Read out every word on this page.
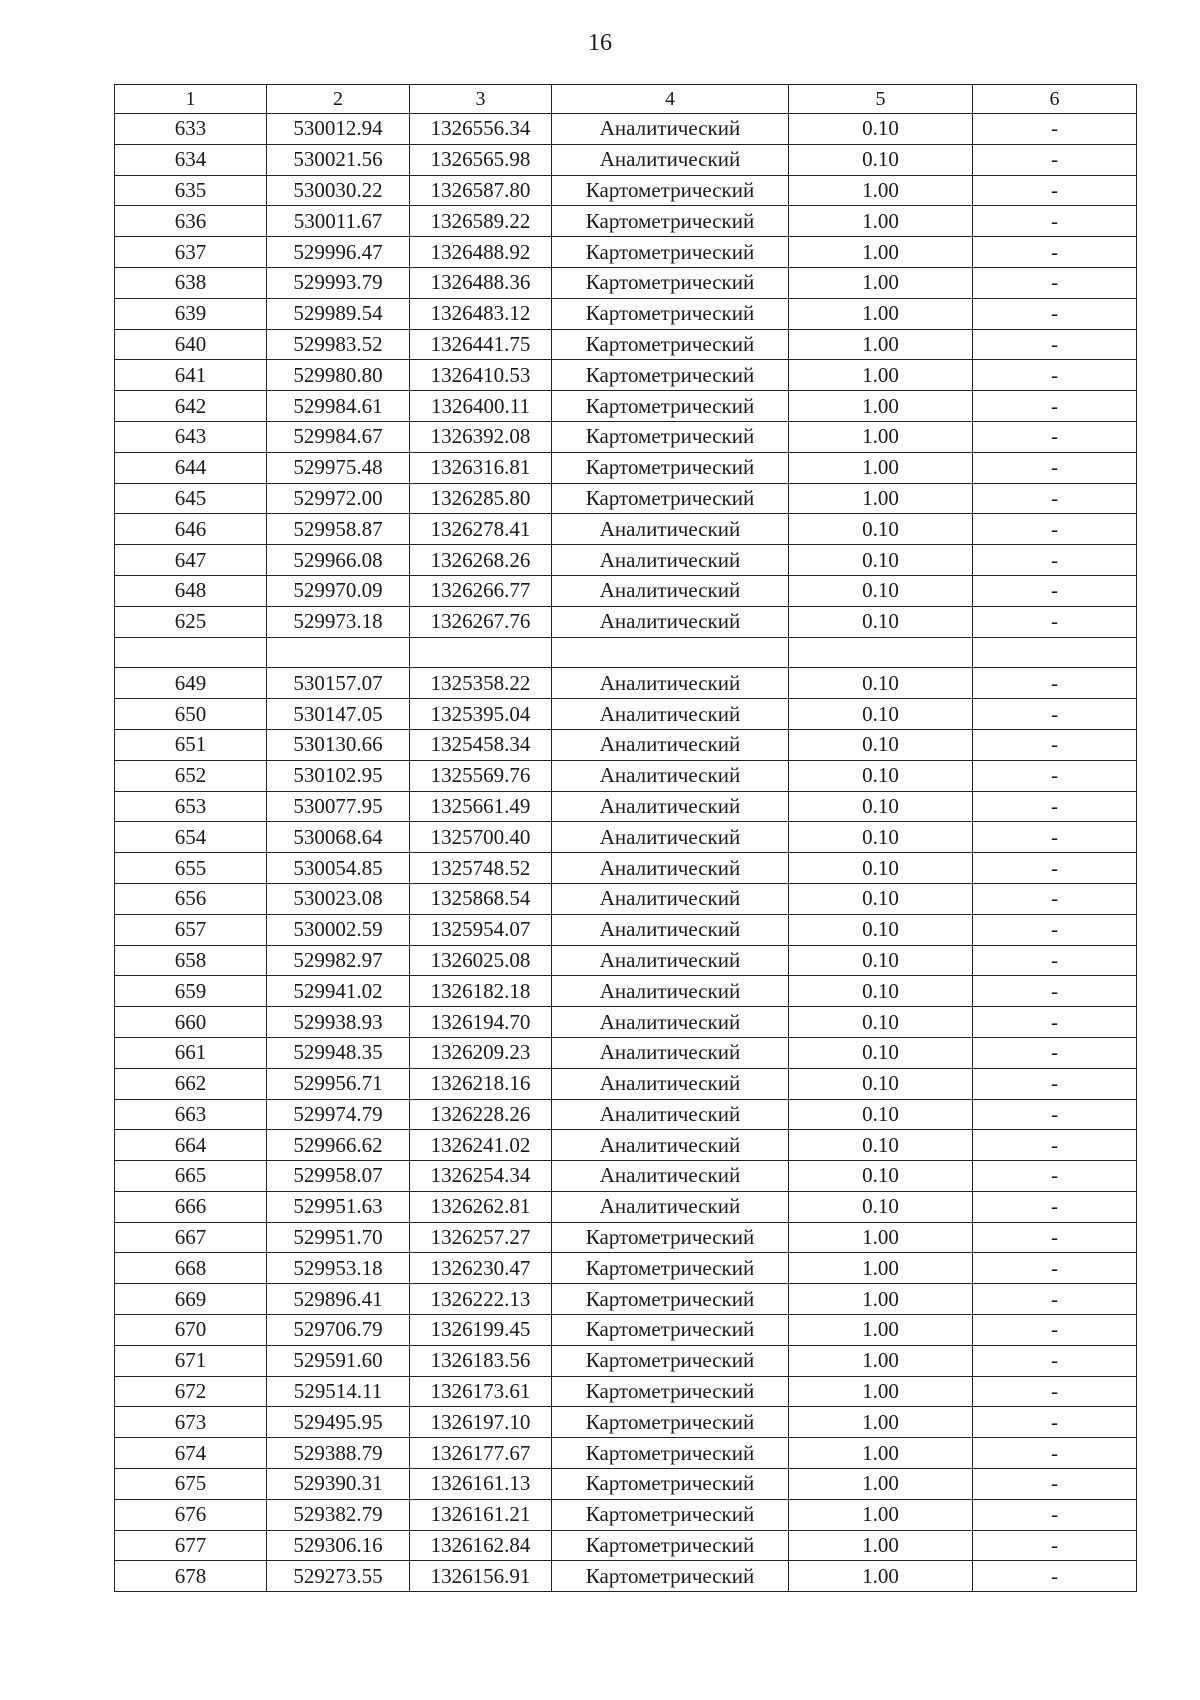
16
1	2	3	4	5	6
633	530012.94	1326556.34	Аналитический	0.10	-
634	530021.56	1326565.98	Аналитический	0.10	-
635	530030.22	1326587.80	Картометрический	1.00	-
636	530011.67	1326589.22	Картометрический	1.00	-
637	529996.47	1326488.92	Картометрический	1.00	-
638	529993.79	1326488.36	Картометрический	1.00	-
639	529989.54	1326483.12	Картометрический	1.00	-
640	529983.52	1326441.75	Картометрический	1.00	-
641	529980.80	1326410.53	Картометрический	1.00	-
642	529984.61	1326400.11	Картометрический	1.00	-
643	529984.67	1326392.08	Картометрический	1.00	-
644	529975.48	1326316.81	Картометрический	1.00	-
645	529972.00	1326285.80	Картометрический	1.00	-
646	529958.87	1326278.41	Аналитический	0.10	-
647	529966.08	1326268.26	Аналитический	0.10	-
648	529970.09	1326266.77	Аналитический	0.10	-
625	529973.18	1326267.76	Аналитический	0.10	-

649	530157.07	1325358.22	Аналитический	0.10	-
650	530147.05	1325395.04	Аналитический	0.10	-
651	530130.66	1325458.34	Аналитический	0.10	-
652	530102.95	1325569.76	Аналитический	0.10	-
653	530077.95	1325661.49	Аналитический	0.10	-
654	530068.64	1325700.40	Аналитический	0.10	-
655	530054.85	1325748.52	Аналитический	0.10	-
656	530023.08	1325868.54	Аналитический	0.10	-
657	530002.59	1325954.07	Аналитический	0.10	-
658	529982.97	1326025.08	Аналитический	0.10	-
659	529941.02	1326182.18	Аналитический	0.10	-
660	529938.93	1326194.70	Аналитический	0.10	-
661	529948.35	1326209.23	Аналитический	0.10	-
662	529956.71	1326218.16	Аналитический	0.10	-
663	529974.79	1326228.26	Аналитический	0.10	-
664	529966.62	1326241.02	Аналитический	0.10	-
665	529958.07	1326254.34	Аналитический	0.10	-
666	529951.63	1326262.81	Аналитический	0.10	-
667	529951.70	1326257.27	Картометрический	1.00	-
668	529953.18	1326230.47	Картометрический	1.00	-
669	529896.41	1326222.13	Картометрический	1.00	-
670	529706.79	1326199.45	Картометрический	1.00	-
671	529591.60	1326183.56	Картометрический	1.00	-
672	529514.11	1326173.61	Картометрический	1.00	-
673	529495.95	1326197.10	Картометрический	1.00	-
674	529388.79	1326177.67	Картометрический	1.00	-
675	529390.31	1326161.13	Картометрический	1.00	-
676	529382.79	1326161.21	Картометрический	1.00	-
677	529306.16	1326162.84	Картометрический	1.00	-
678	529273.55	1326156.91	Картометрический	1.00	-
